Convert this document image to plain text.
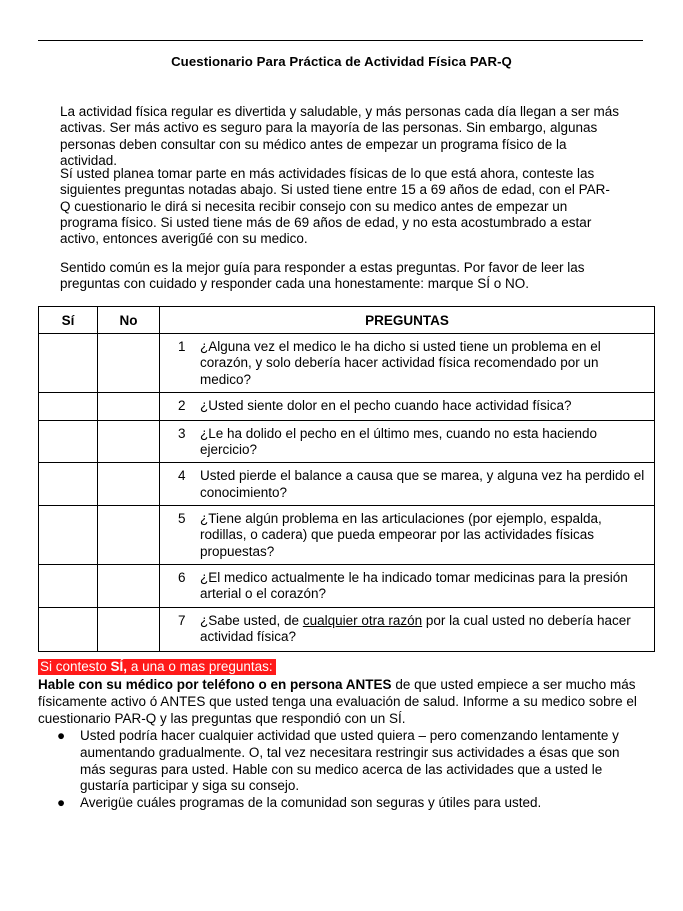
Cuestionario Para Práctica de Actividad Física PAR-Q

La actividad física regular es divertida y saludable, y más personas cada día llegan a ser más activas. Ser más activo es seguro para la mayoría de las personas. Sin embargo, algunas personas deben consultar con su médico antes de empezar un programa físico de la actividad.

Sí usted planea tomar parte en más actividades físicas de lo que está ahora, conteste las siguientes preguntas notadas abajo. Si usted tiene entre 15 a 69 años de edad, con el PAR-Q cuestionario le dirá si necesita recibir consejo con su medico antes de empezar un programa físico. Si usted tiene más de 69 años de edad, y no esta acostumbrado a estar activo, entonces averigűé con su medico.

Sentido común es la mejor guía para responder a estas preguntas. Por favor de leer las preguntas con cuidado y responder cada una honestamente: marque SÍ o NO.

Sí	No	PREGUNTAS

		1 ¿Alguna vez el medico le ha dicho si usted tiene un problema en el corazón, y solo debería hacer actividad física recomendado por un medico?

		2 ¿Usted siente dolor en el pecho cuando hace actividad física?

		3 ¿Le ha dolido el pecho en el último mes, cuando no esta haciendo ejercicio?

		4 Usted pierde el balance a causa que se marea, y alguna vez ha perdido el conocimiento?

		5 ¿Tiene algún problema en las articulaciones (por ejemplo, espalda, rodillas, o cadera) que pueda empeorar por las actividades físicas propuestas?

		6 ¿El medico actualmente le ha indicado tomar medicinas para la presión arterial o el corazón?

		7 ¿Sabe usted, de cualquier otra razón por la cual usted no debería hacer actividad física?
Si contesto SÍ, a una o mas preguntas:

Hable con su médico por teléfono o en persona ANTES de que usted empiece a ser mucho más físicamente activo ó ANTES que usted tenga una evaluación de salud. Informe a su medico sobre el cuestionario PAR-Q y las preguntas que respondió con un SÍ.

● Usted podría hacer cualquier actividad que usted quiera – pero comenzando lentamente y aumentando gradualmente. O, tal vez necesitara restringir sus actividades a ésas que son más seguras para usted. Hable con su medico acerca de las actividades que a usted le gustaría participar y siga su consejo.
● Averigüe cuáles programas de la comunidad son seguras y útiles para usted.
